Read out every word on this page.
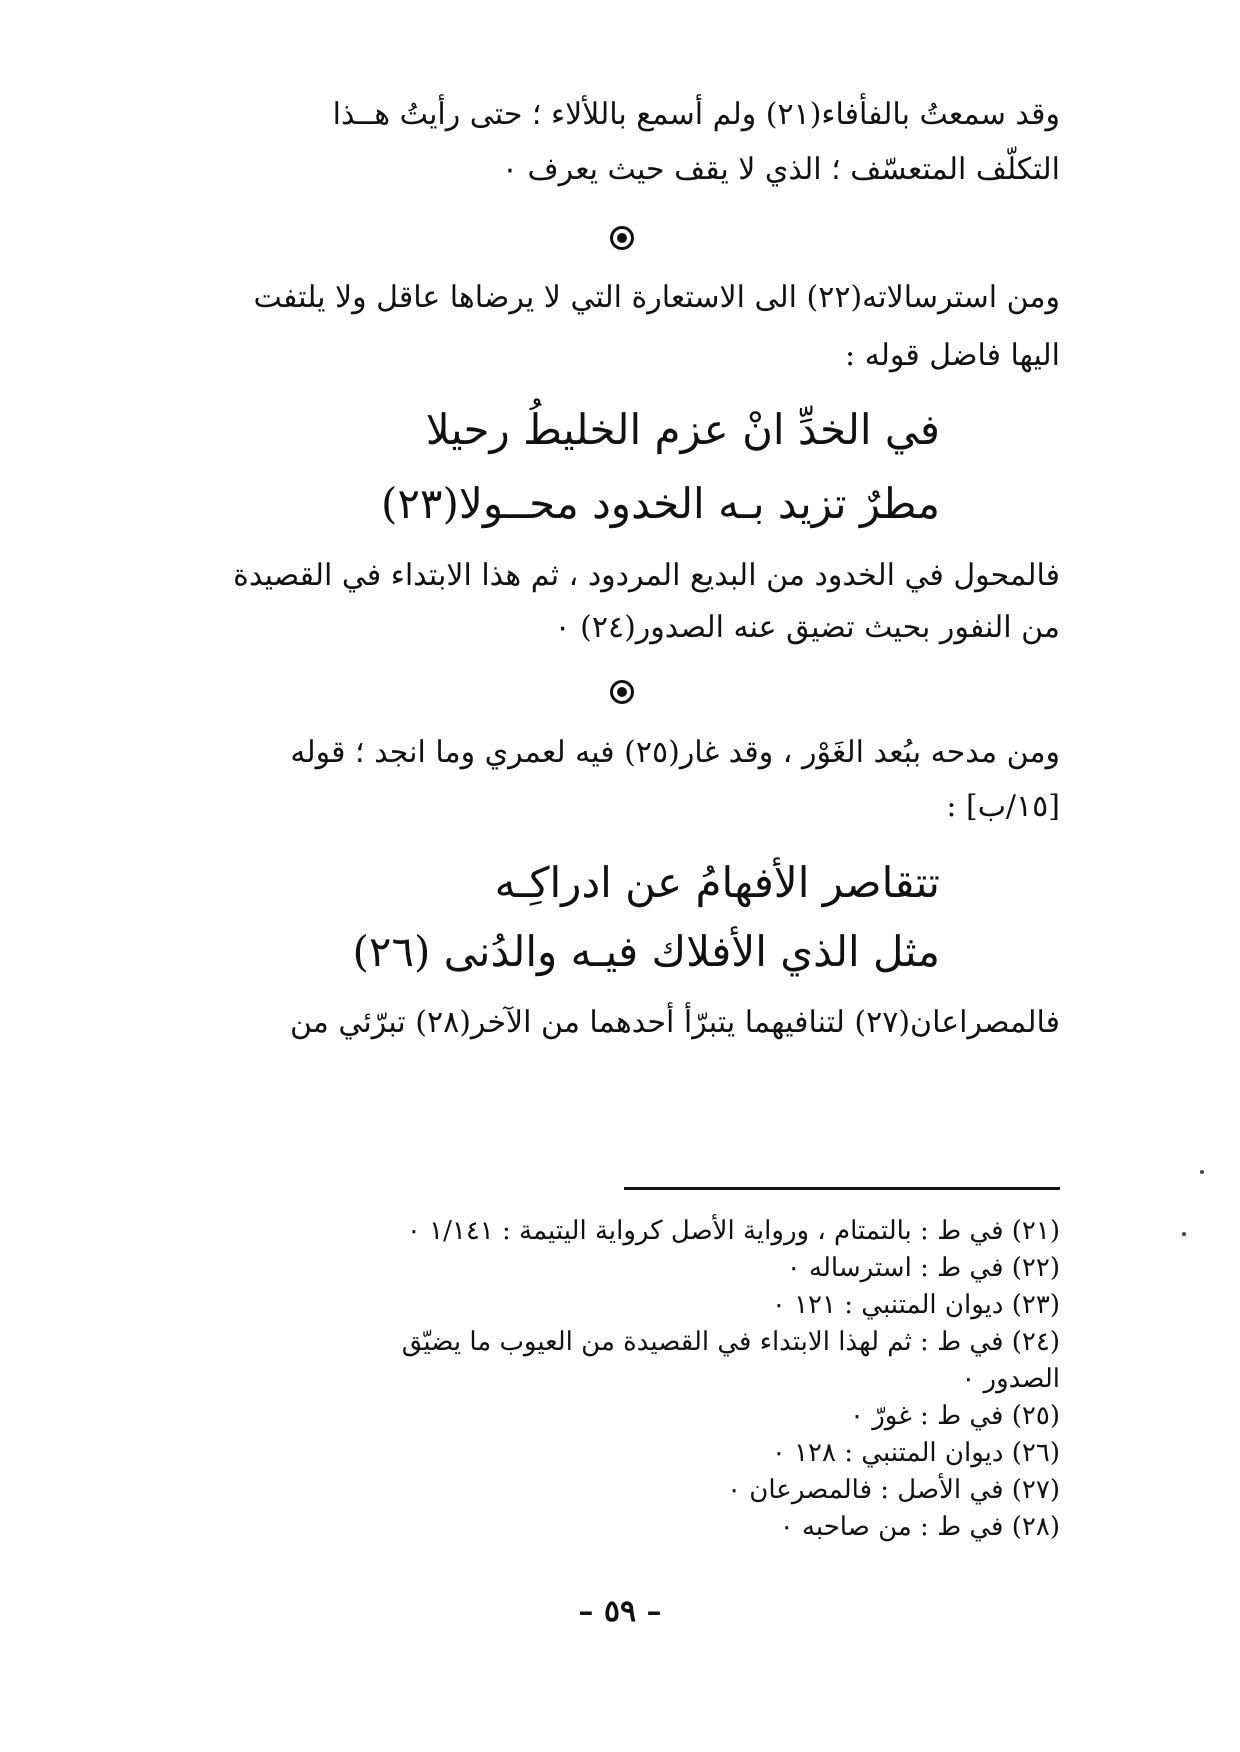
وقد سمعتُ بالفأفاء(٢١) ولم أسمع باللألاء ؛ حتى رأيتُ هــذا
التكلّف المتعسّف ؛ الذي لا يقف حيث يعرف ٠
ومن استرسالاته(٢٢) الى الاستعارة التي لا يرضاها عاقل ولا يلتفت
اليها فاضل قوله :
في الخدِّ انْ عزم الخليطُ رحيلا
مطرٌ تزيد بـه الخدود محــولا(٢٣)
فالمحول في الخدود من البديع المردود ، ثم هذا الابتداء في القصيدة
من النفور بحيث تضيق عنه الصدور(٢٤) ٠
ومن مدحه ببُعد الغَوْر ، وقد غار(٢٥) فيه لعمري وما انجد ؛ قوله
[١٥/ب] :
تتقاصر الأفهامُ عن ادراكِـه
مثل الذي الأفلاك فيـه والدُنى (٢٦)
فالمصراعان(٢٧) لتنافيهما يتبرّأ أحدهما من الآخر(٢٨) تبرّئي من
(٢١) في ط : بالتمتام ، ورواية الأصل كرواية اليتيمة : ١/١٤١ ٠
(٢٢) في ط : استرساله ٠
(٢٣) ديوان المتنبي : ١٢١ ٠
(٢٤) في ط : ثم لهذا الابتداء في القصيدة من العيوب ما يضيّق
الصدور ٠
(٢٥) في ط : غورّ ٠
(٢٦) ديوان المتنبي : ١٢٨ ٠
(٢٧) في الأصل : فالمصرعان ٠
(٢٨) في ط : من صاحبه ٠
– ٥٩ –
